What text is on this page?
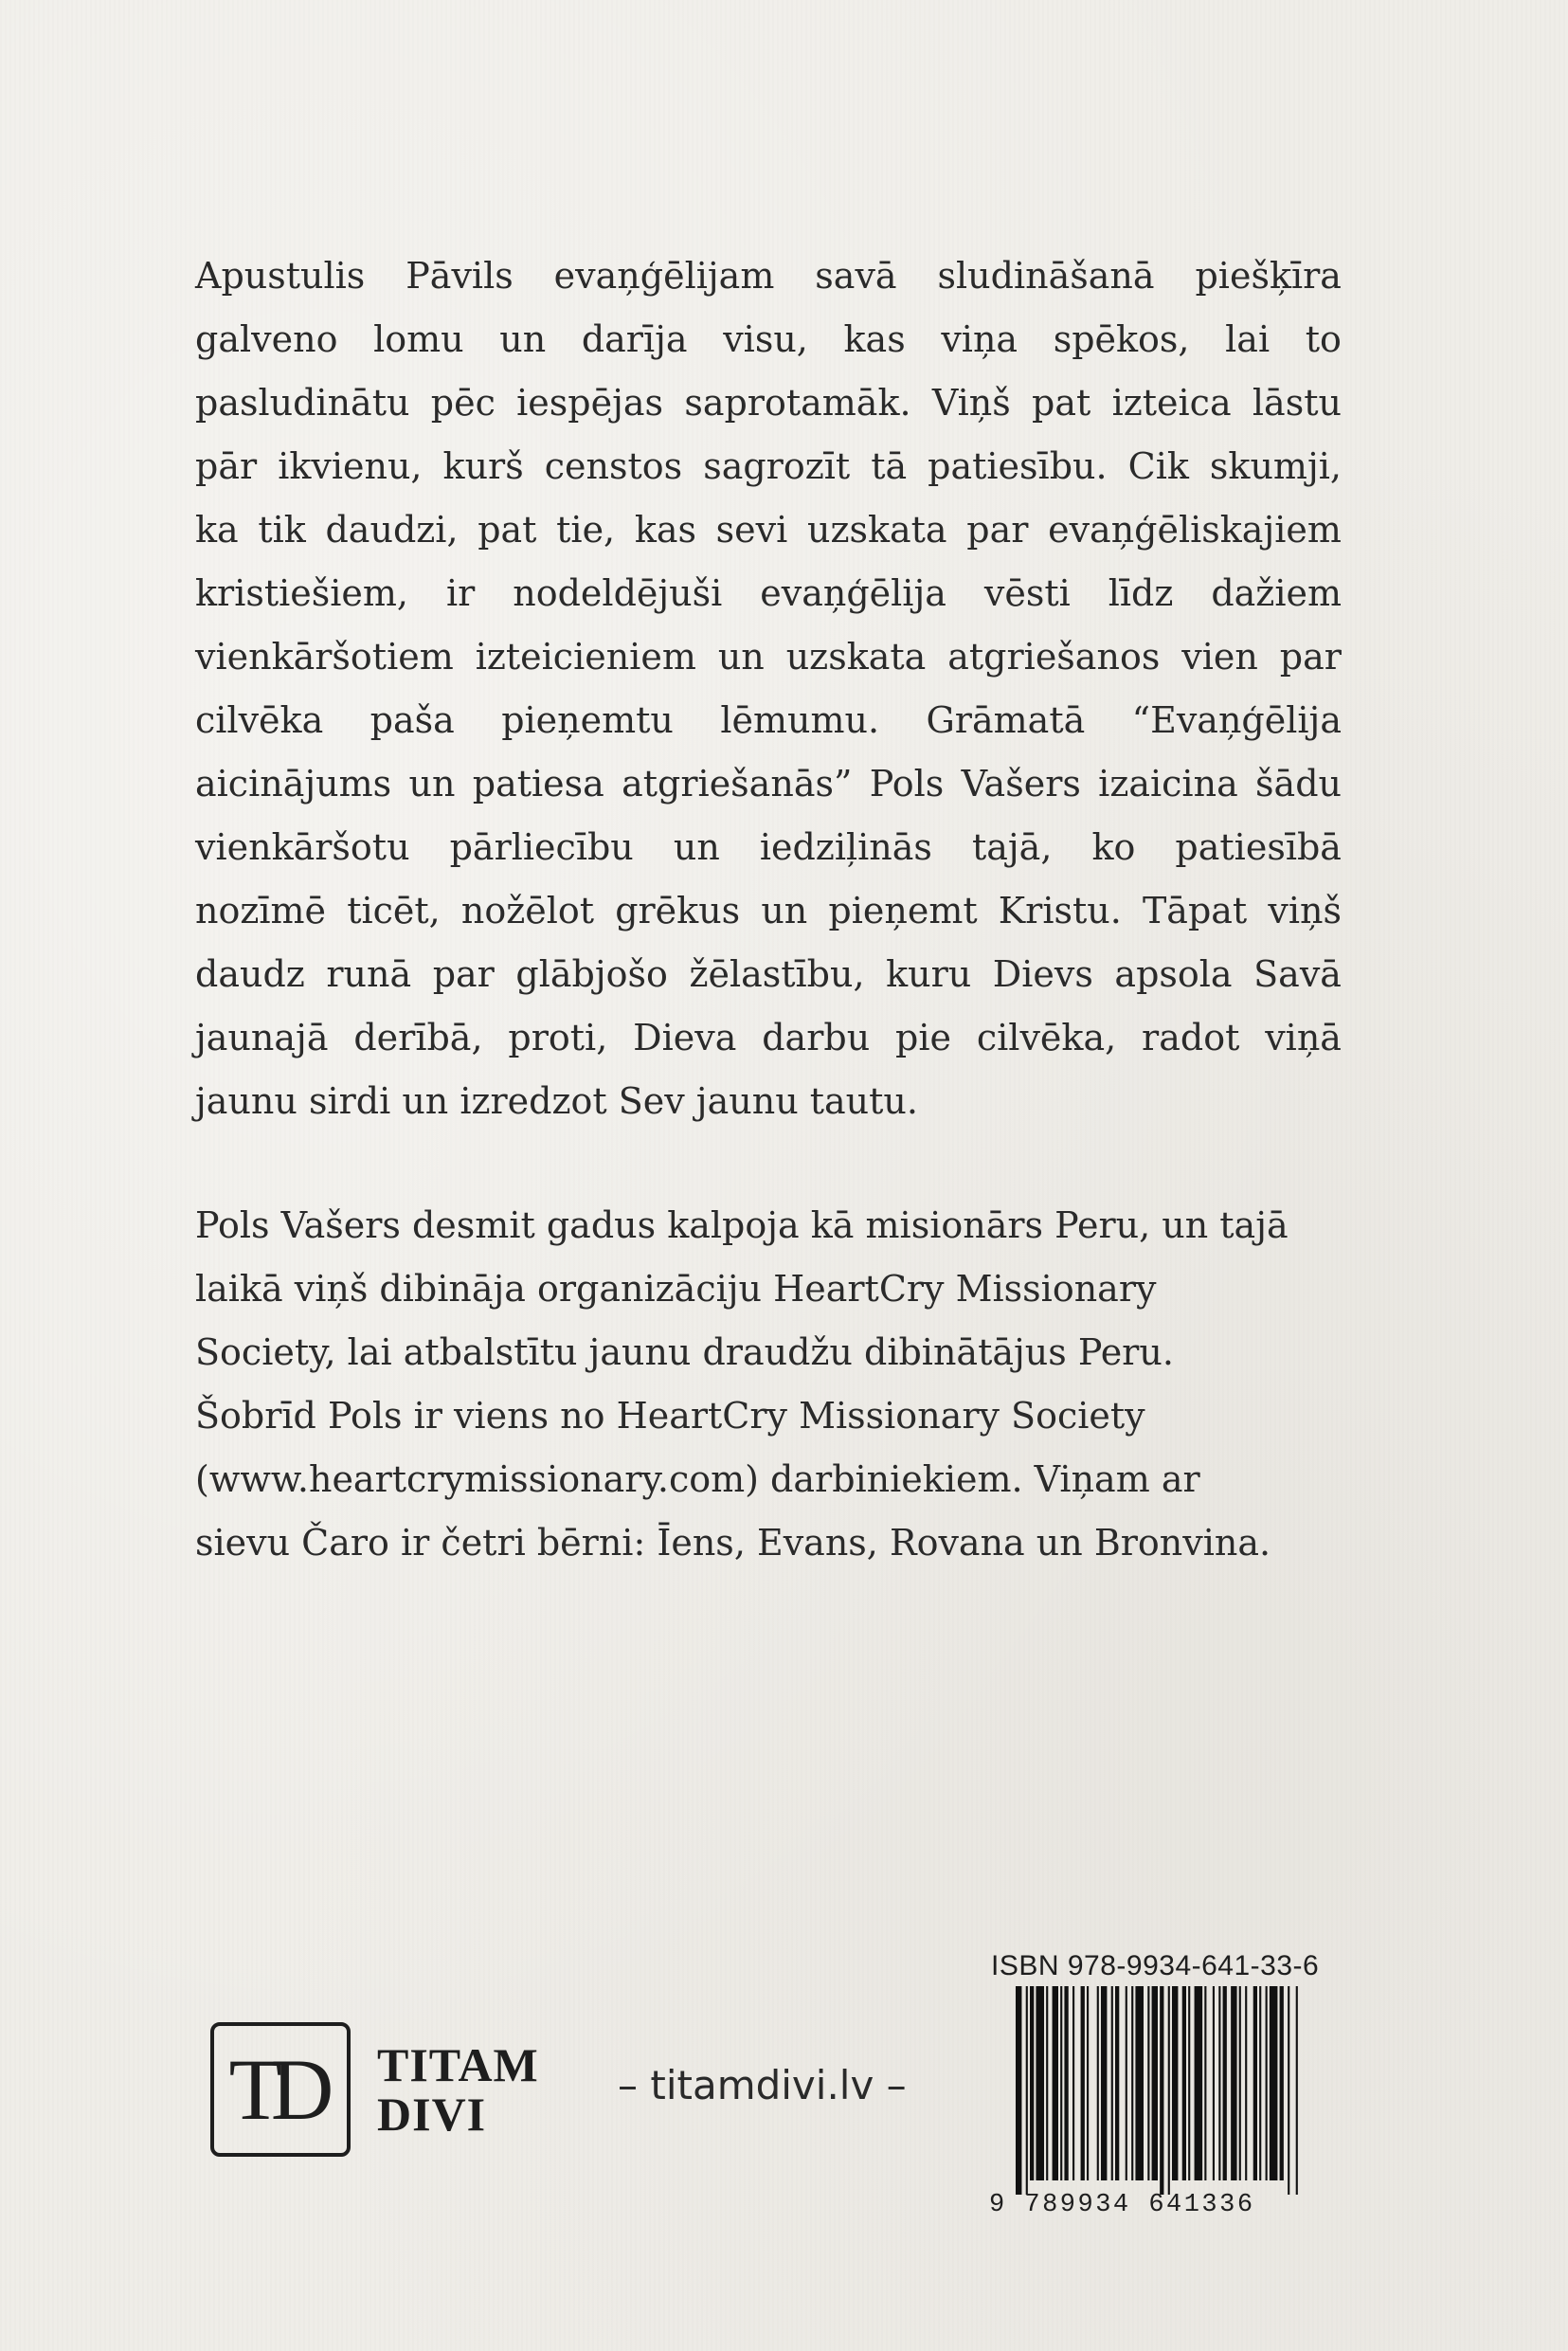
Apustulis Pāvils evaņģēlijam savā sludināšanā piešķīra
galveno lomu un darīja visu, kas viņa spēkos, lai to
pasludinātu pēc iespējas saprotamāk. Viņš pat izteica lāstu
pār ikvienu, kurš censtos sagrozīt tā patiesību. Cik skumji,
ka tik daudzi, pat tie, kas sevi uzskata par evaņģēliskajiem
kristiešiem, ir nodeldējuši evaņģēlija vēsti līdz dažiem
vienkāršotiem izteicieniem un uzskata atgriešanos vien par
cilvēka paša pieņemtu lēmumu. Grāmatā “Evaņģēlija
aicinājums un patiesa atgriešanās” Pols Vašers izaicina šādu
vienkāršotu pārliecību un iedziļinās tajā, ko patiesībā
nozīmē ticēt, nožēlot grēkus un pieņemt Kristu. Tāpat viņš
daudz runā par glābjošo žēlastību, kuru Dievs apsola Savā
jaunajā derībā, proti, Dieva darbu pie cilvēka, radot viņā
jaunu sirdi un izredzot Sev jaunu tautu.
Pols Vašers desmit gadus kalpoja kā misionārs Peru, un tajā
laikā viņš dibināja organizāciju HeartCry Missionary
Society, lai atbalstītu jaunu draudžu dibinātājus Peru.
Šobrīd Pols ir viens no HeartCry Missionary Society
(www.heartcrymissionary.com) darbiniekiem. Viņam ar
sievu Čaro ir četri bērni: Īens, Evans, Rovana un Bronvina.
TD	TITAM
DIVI
– titamdivi.lv –
ISBN 978-9934-641-33-6
9 789934 641336
